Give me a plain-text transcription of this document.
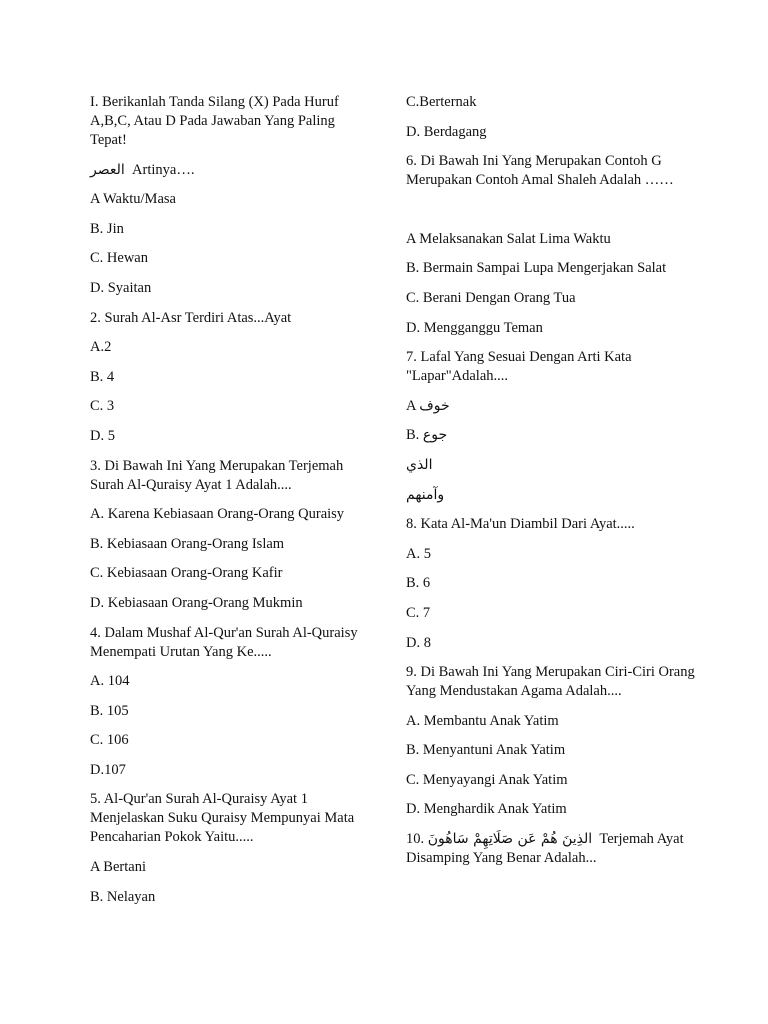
I. Berikanlah Tanda Silang (X) Pada Huruf A,B,C, Atau D Pada Jawaban Yang Paling Tepat!

العصر Artinya….

A Waktu/Masa

B. Jin

C. Hewan

D. Syaitan

2. Surah Al-Asr Terdiri Atas...Ayat

A.2

B. 4

C. 3

D. 5

3. Di Bawah Ini Yang Merupakan Terjemah Surah Al-Quraisy Ayat 1 Adalah....

A. Karena Kebiasaan Orang-Orang Quraisy

B. Kebiasaan Orang-Orang Islam

C. Kebiasaan Orang-Orang Kafir

D. Kebiasaan Orang-Orang Mukmin

4. Dalam Mushaf Al-Qur'an Surah Al-Quraisy Menempati Urutan Yang Ke.....

A. 104

B. 105

C. 106

D.107

5. Al-Qur'an Surah Al-Quraisy Ayat 1 Menjelaskan Suku Quraisy Mempunyai Mata Pencaharian Pokok Yaitu.....

A Bertani

B. Nelayan

C.Berternak

D. Berdagang

6. Di Bawah Ini Yang Merupakan Contoh G Merupakan Contoh Amal Shaleh Adalah ……

A Melaksanakan Salat Lima Waktu

B. Bermain Sampai Lupa Mengerjakan Salat

C. Berani Dengan Orang Tua

D. Mengganggu Teman

7. Lafal Yang Sesuai Dengan Arti Kata "Lapar"Adalah....

A خوف

B. جوع

الذي

وآمنهم

8. Kata Al-Ma'un Diambil Dari Ayat.....

A. 5

B. 6

C. 7

D. 8

9. Di Bawah Ini Yang Merupakan Ciri-Ciri Orang Yang Mendustakan Agama Adalah....

A. Membantu Anak Yatim

B. Menyantuni Anak Yatim

C. Menyayangi Anak Yatim

D. Menghardik Anak Yatim

10. الذِينَ هُمْ عَن صَلَاتِهِمْ سَاهُونَ Terjemah Ayat Disamping Yang Benar Adalah...
